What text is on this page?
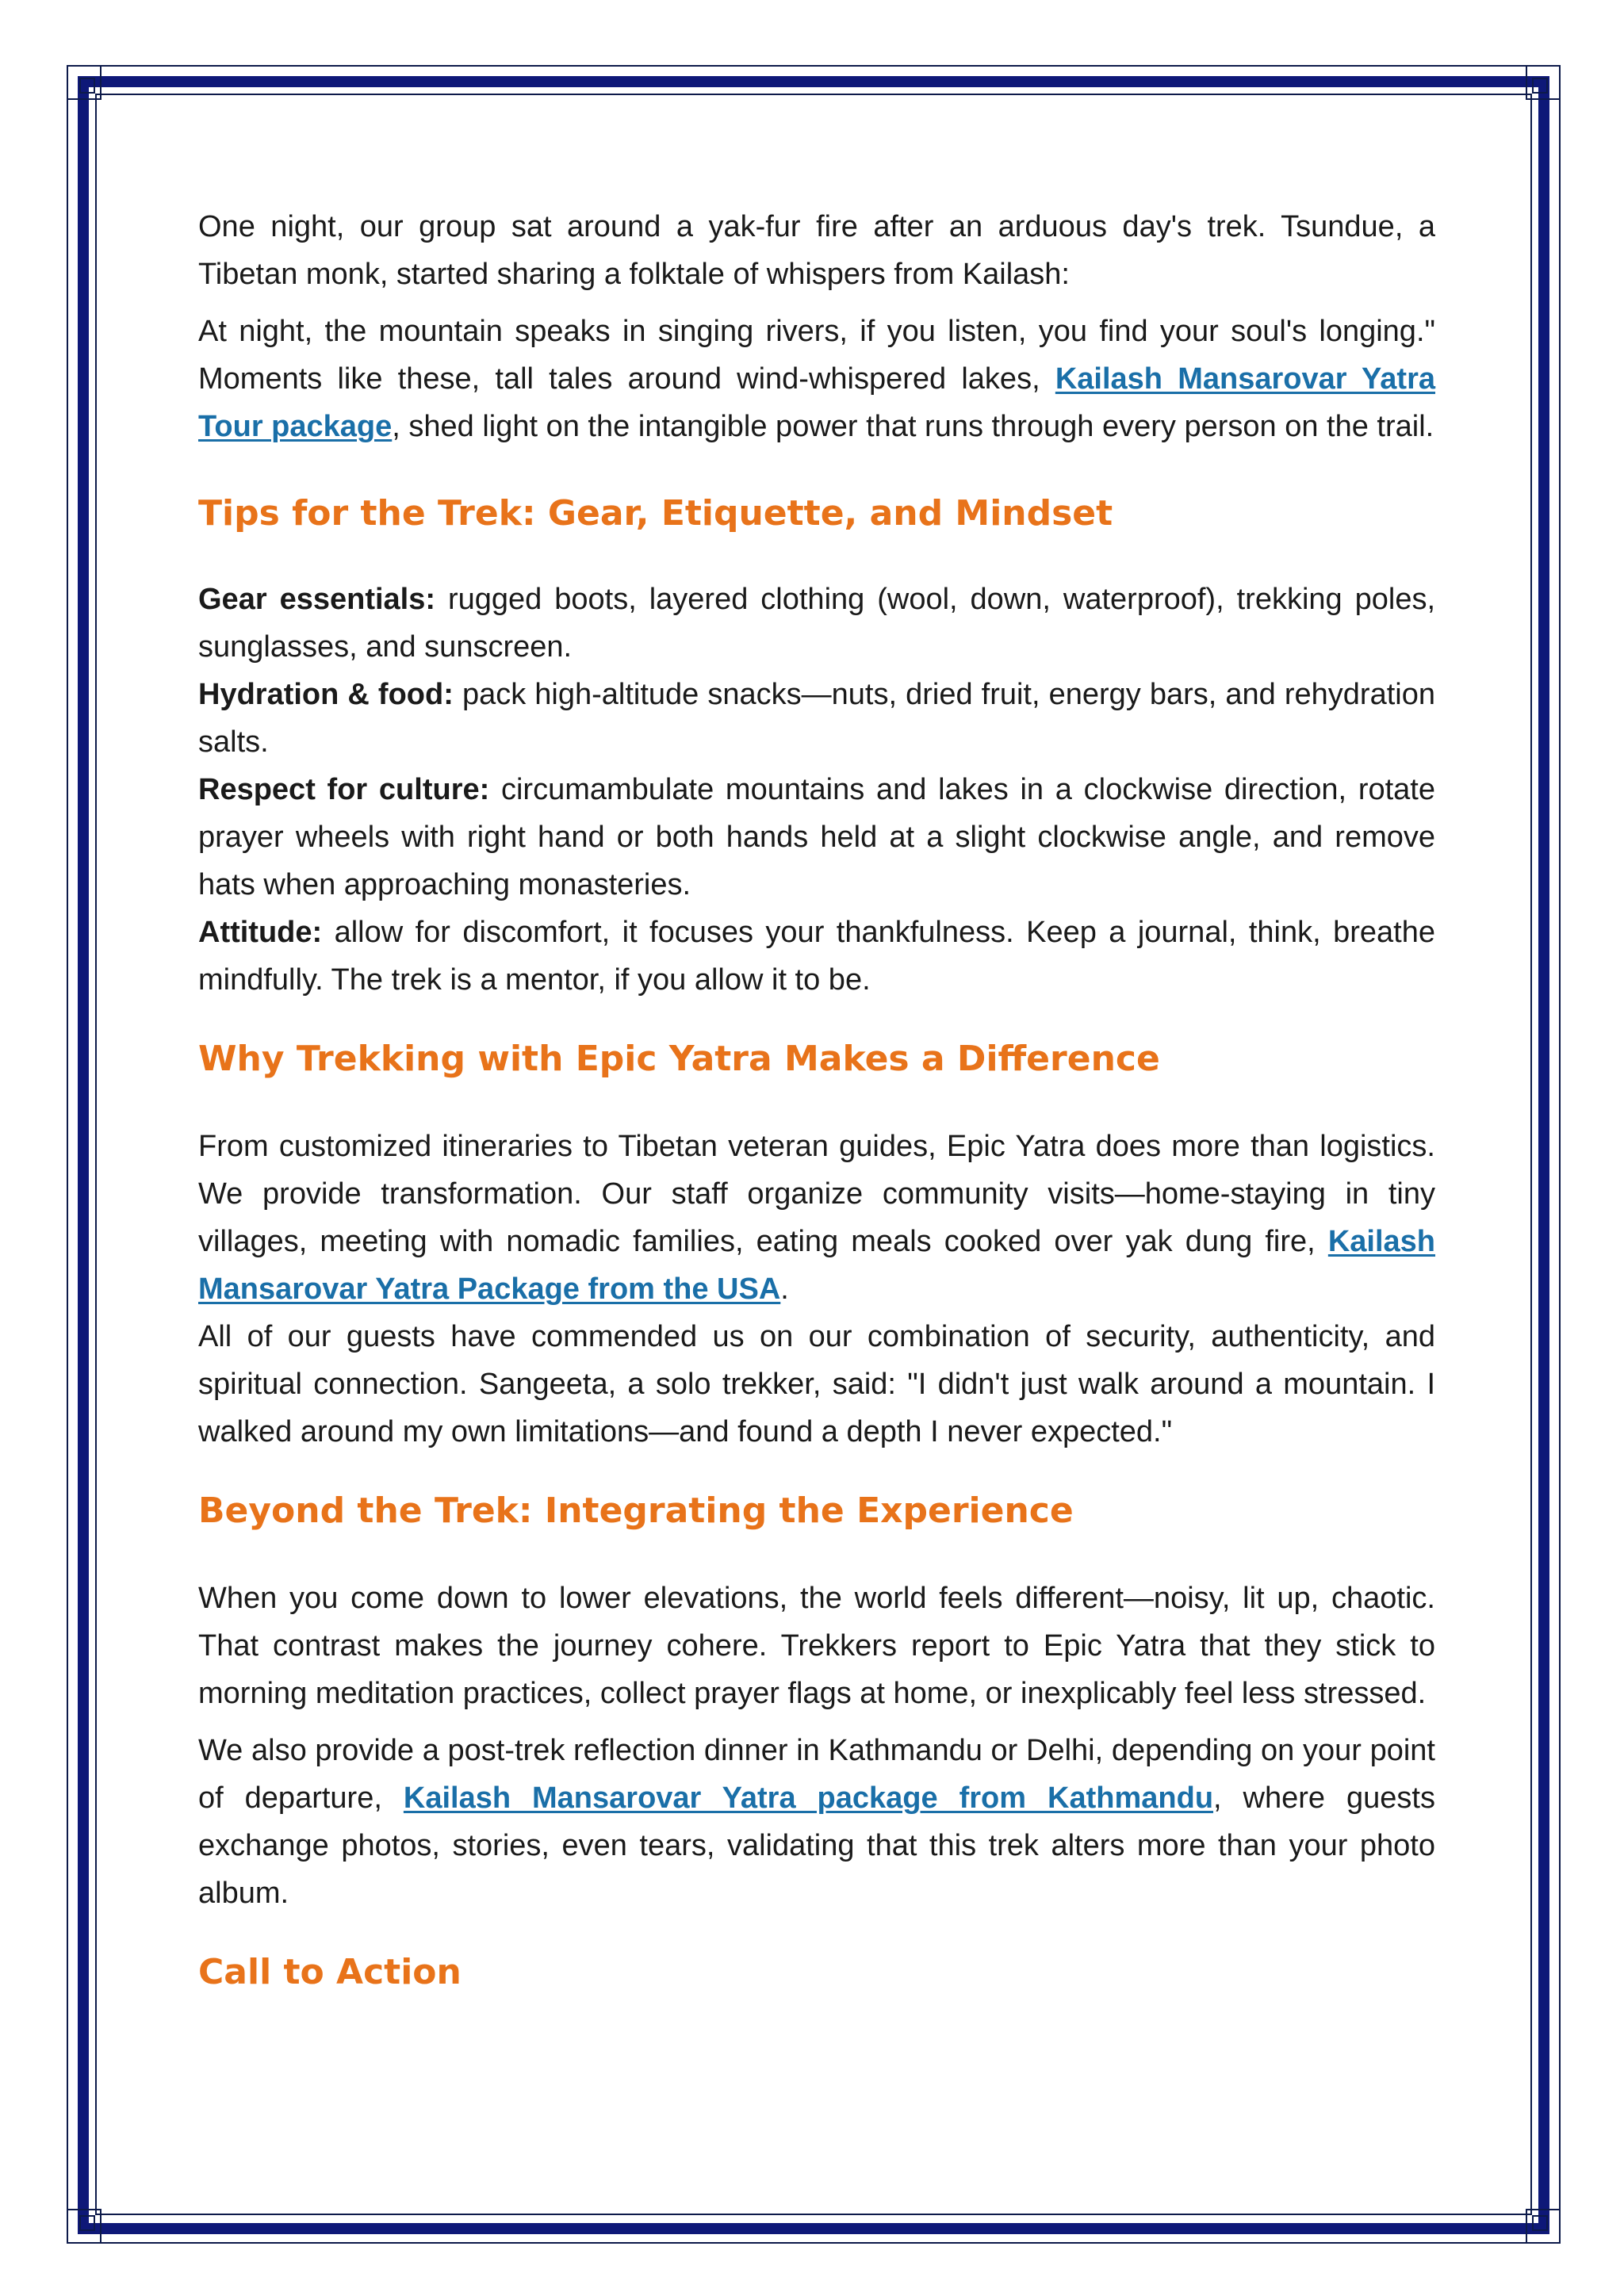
One night, our group sat around a yak-fur fire after an arduous day's trek. Tsundue, a Tibetan monk, started sharing a folktale of whispers from Kailash:

At night, the mountain speaks in singing rivers, if you listen, you find your soul's longing." Moments like these, tall tales around wind-whispered lakes, Kailash Mansarovar Yatra Tour package, shed light on the intangible power that runs through every person on the trail.

Tips for the Trek: Gear, Etiquette, and Mindset

Gear essentials: rugged boots, layered clothing (wool, down, waterproof), trekking poles, sunglasses, and sunscreen.

Hydration & food: pack high-altitude snacks—nuts, dried fruit, energy bars, and rehydration salts.

Respect for culture: circumambulate mountains and lakes in a clockwise direction, rotate prayer wheels with right hand or both hands held at a slight clockwise angle, and remove hats when approaching monasteries.

Attitude: allow for discomfort, it focuses your thankfulness. Keep a journal, think, breathe mindfully. The trek is a mentor, if you allow it to be.

Why Trekking with Epic Yatra Makes a Difference

From customized itineraries to Tibetan veteran guides, Epic Yatra does more than logistics. We provide transformation. Our staff organize community visits—home-staying in tiny villages, meeting with nomadic families, eating meals cooked over yak dung fire, Kailash Mansarovar Yatra Package from the USA.

All of our guests have commended us on our combination of security, authenticity, and spiritual connection. Sangeeta, a solo trekker, said: "I didn't just walk around a mountain. I walked around my own limitations—and found a depth I never expected."

Beyond the Trek: Integrating the Experience

When you come down to lower elevations, the world feels different—noisy, lit up, chaotic. That contrast makes the journey cohere. Trekkers report to Epic Yatra that they stick to morning meditation practices, collect prayer flags at home, or inexplicably feel less stressed.

We also provide a post-trek reflection dinner in Kathmandu or Delhi, depending on your point of departure, Kailash Mansarovar Yatra package from Kathmandu, where guests exchange photos, stories, even tears, validating that this trek alters more than your photo album.

Call to Action
